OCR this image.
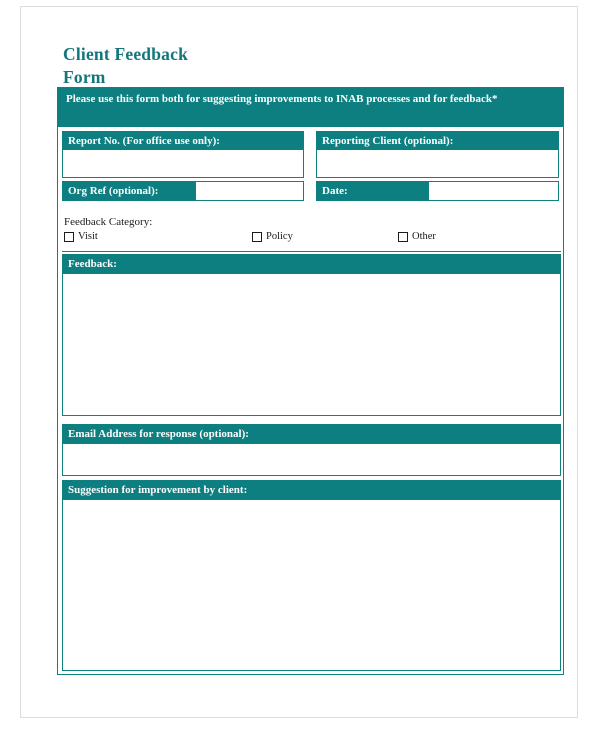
Client Feedback
Form
Please use this form both for suggesting improvements to INAB processes and for feedback*
Report No. (For office use only):
Org Ref (optional):
Reporting Client (optional):
Date:
Feedback Category:
Visit	Policy	Other
Feedback:
Email Address for response (optional):
Suggestion for improvement by client:
